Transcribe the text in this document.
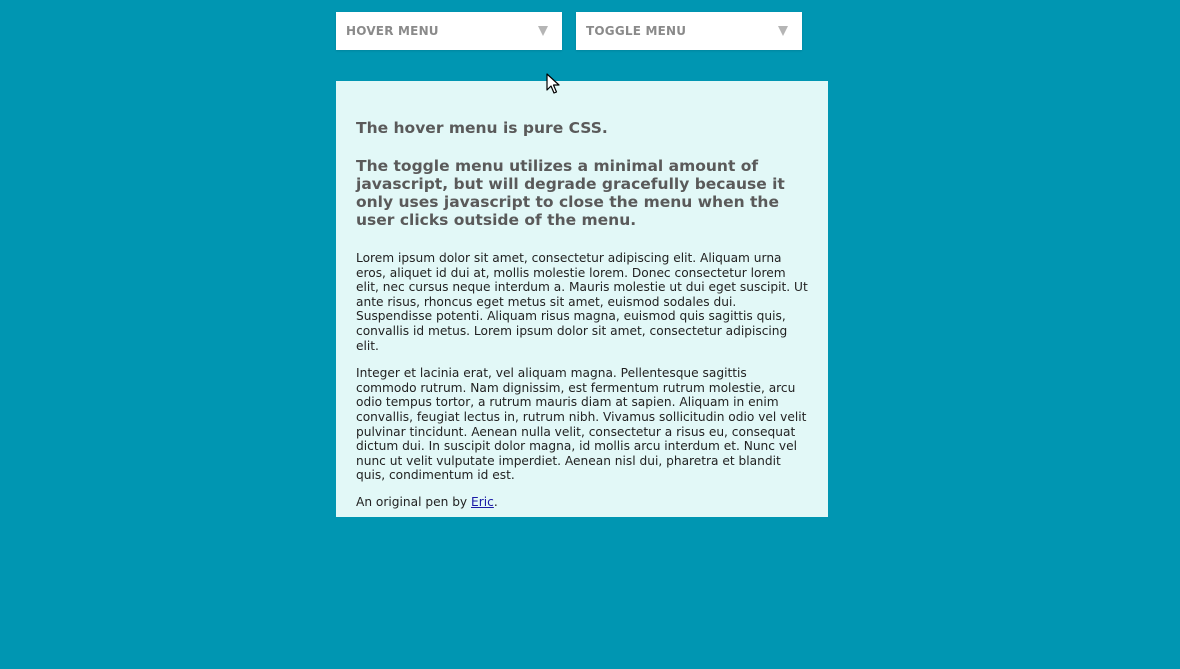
HOVER MENU	TOGGLE MENU
The hover menu is pure CSS.
The toggle menu utilizes a minimal amount of javascript, but will degrade gracefully because it only uses javascript to close the menu when the user clicks outside of the menu.

Lorem ipsum dolor sit amet, consectetur adipiscing elit. Aliquam urna eros, aliquet id dui at, mollis molestie lorem. Donec consectetur lorem elit, nec cursus neque interdum a. Mauris molestie ut dui eget suscipit. Ut ante risus, rhoncus eget metus sit amet, euismod sodales dui. Suspendisse potenti. Aliquam risus magna, euismod quis sagittis quis, convallis id metus. Lorem ipsum dolor sit amet, consectetur adipiscing elit.

Integer et lacinia erat, vel aliquam magna. Pellentesque sagittis commodo rutrum. Nam dignissim, est fermentum rutrum molestie, arcu odio tempus tortor, a rutrum mauris diam at sapien. Aliquam in enim convallis, feugiat lectus in, rutrum nibh. Vivamus sollicitudin odio vel velit pulvinar tincidunt. Aenean nulla velit, consectetur a risus eu, consequat dictum dui. In suscipit dolor magna, id mollis arcu interdum et. Nunc vel nunc ut velit vulputate imperdiet. Aenean nisl dui, pharetra et blandit quis, condimentum id est.

An original pen by Eric.
